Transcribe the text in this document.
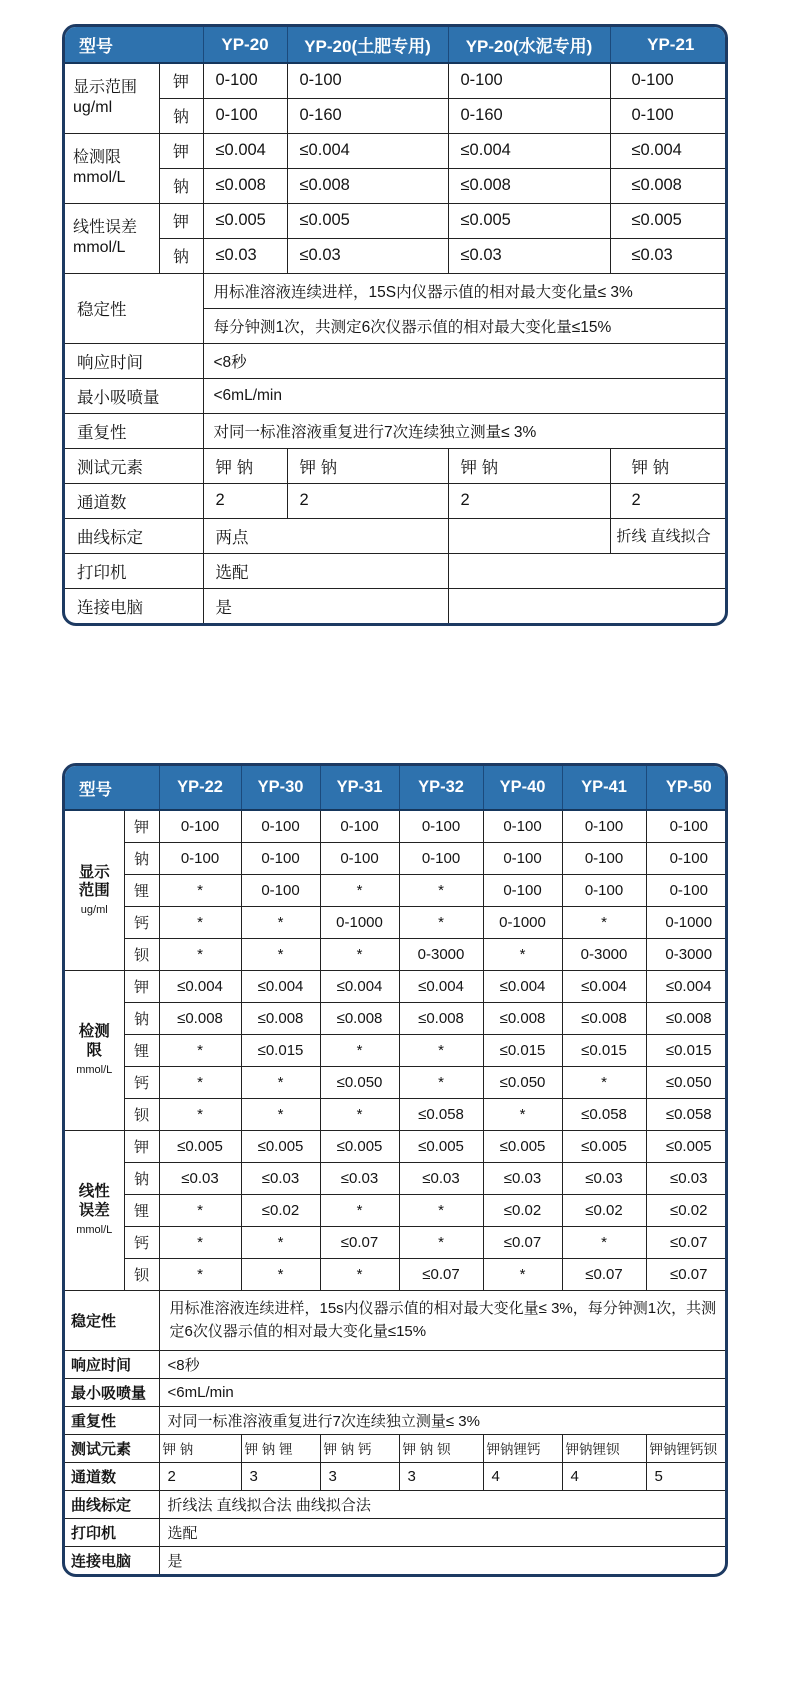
型号		YP-20	YP-20(土肥专用)	YP-20(水泥专用)	YP-21
显示范围
ug/ml	钾	0-100	0-100	0-100	0-100
	钠	0-100	0-160	0-160	0-100
检测限
mmol/L	钾	≤0.004	≤0.004	≤0.004	≤0.004
	钠	≤0.008	≤0.008	≤0.008	≤0.008
线性误差
mmol/L	钾	≤0.005	≤0.005	≤0.005	≤0.005
	钠	≤0.03	≤0.03	≤0.03	≤0.03
稳定性		用标准溶液连续进样，15S内仪器示值的相对最大变化量≤ 3%			
		每分钟测1次，共测定6次仪器示值的相对最大变化量≤15%			
响应时间		<8秒			
最小吸喷量		<6mL/min			
重复性		对同一标准溶液重复进行7次连续独立测量≤ 3%			
测试元素		钾 钠	钾 钠	钾 钠	钾 钠
通道数		2	2	2	2
曲线标定		两点			折线 直线拟合
打印机		选配			
连接电脑		是			
型号		YP-22	YP-30	YP-31	YP-32	YP-40	YP-41	YP-50
显示
范围
ug/ml	钾	0-100	0-100	0-100	0-100	0-100	0-100	0-100
	钠	0-100	0-100	0-100	0-100	0-100	0-100	0-100
	锂	*	0-100	*	*	0-100	0-100	0-100
	钙	*	*	0-1000	*	0-1000	*	0-1000
	钡	*	*	*	0-3000	*	0-3000	0-3000
检测
限
mmol/L	钾	≤0.004	≤0.004	≤0.004	≤0.004	≤0.004	≤0.004	≤0.004
	钠	≤0.008	≤0.008	≤0.008	≤0.008	≤0.008	≤0.008	≤0.008
	锂	*	≤0.015	*	*	≤0.015	≤0.015	≤0.015
	钙	*	*	≤0.050	*	≤0.050	*	≤0.050
	钡	*	*	*	≤0.058	*	≤0.058	≤0.058
线性
误差
mmol/L	钾	≤0.005	≤0.005	≤0.005	≤0.005	≤0.005	≤0.005	≤0.005
	钠	≤0.03	≤0.03	≤0.03	≤0.03	≤0.03	≤0.03	≤0.03
	锂	*	≤0.02	*	*	≤0.02	≤0.02	≤0.02
	钙	*	*	≤0.07	*	≤0.07	*	≤0.07
	钡	*	*	*	≤0.07	*	≤0.07	≤0.07
稳定性		用标准溶液连续进样，15s内仪器示值的相对最大变化量≤ 3%，每分钟测1次，共测定6次仪器示值的相对最大变化量≤15%						
响应时间		<8秒						
最小吸喷量		<6mL/min						
重复性		对同一标准溶液重复进行7次连续独立测量≤ 3%						
测试元素		钾 钠	钾 钠 锂	钾 钠 钙	钾 钠 钡	钾钠锂钙	钾钠锂钡	钾钠锂钙钡
通道数		2	3	3	3	4	4	5
曲线标定		折线法 直线拟合法 曲线拟合法						
打印机		选配						
连接电脑		是						
